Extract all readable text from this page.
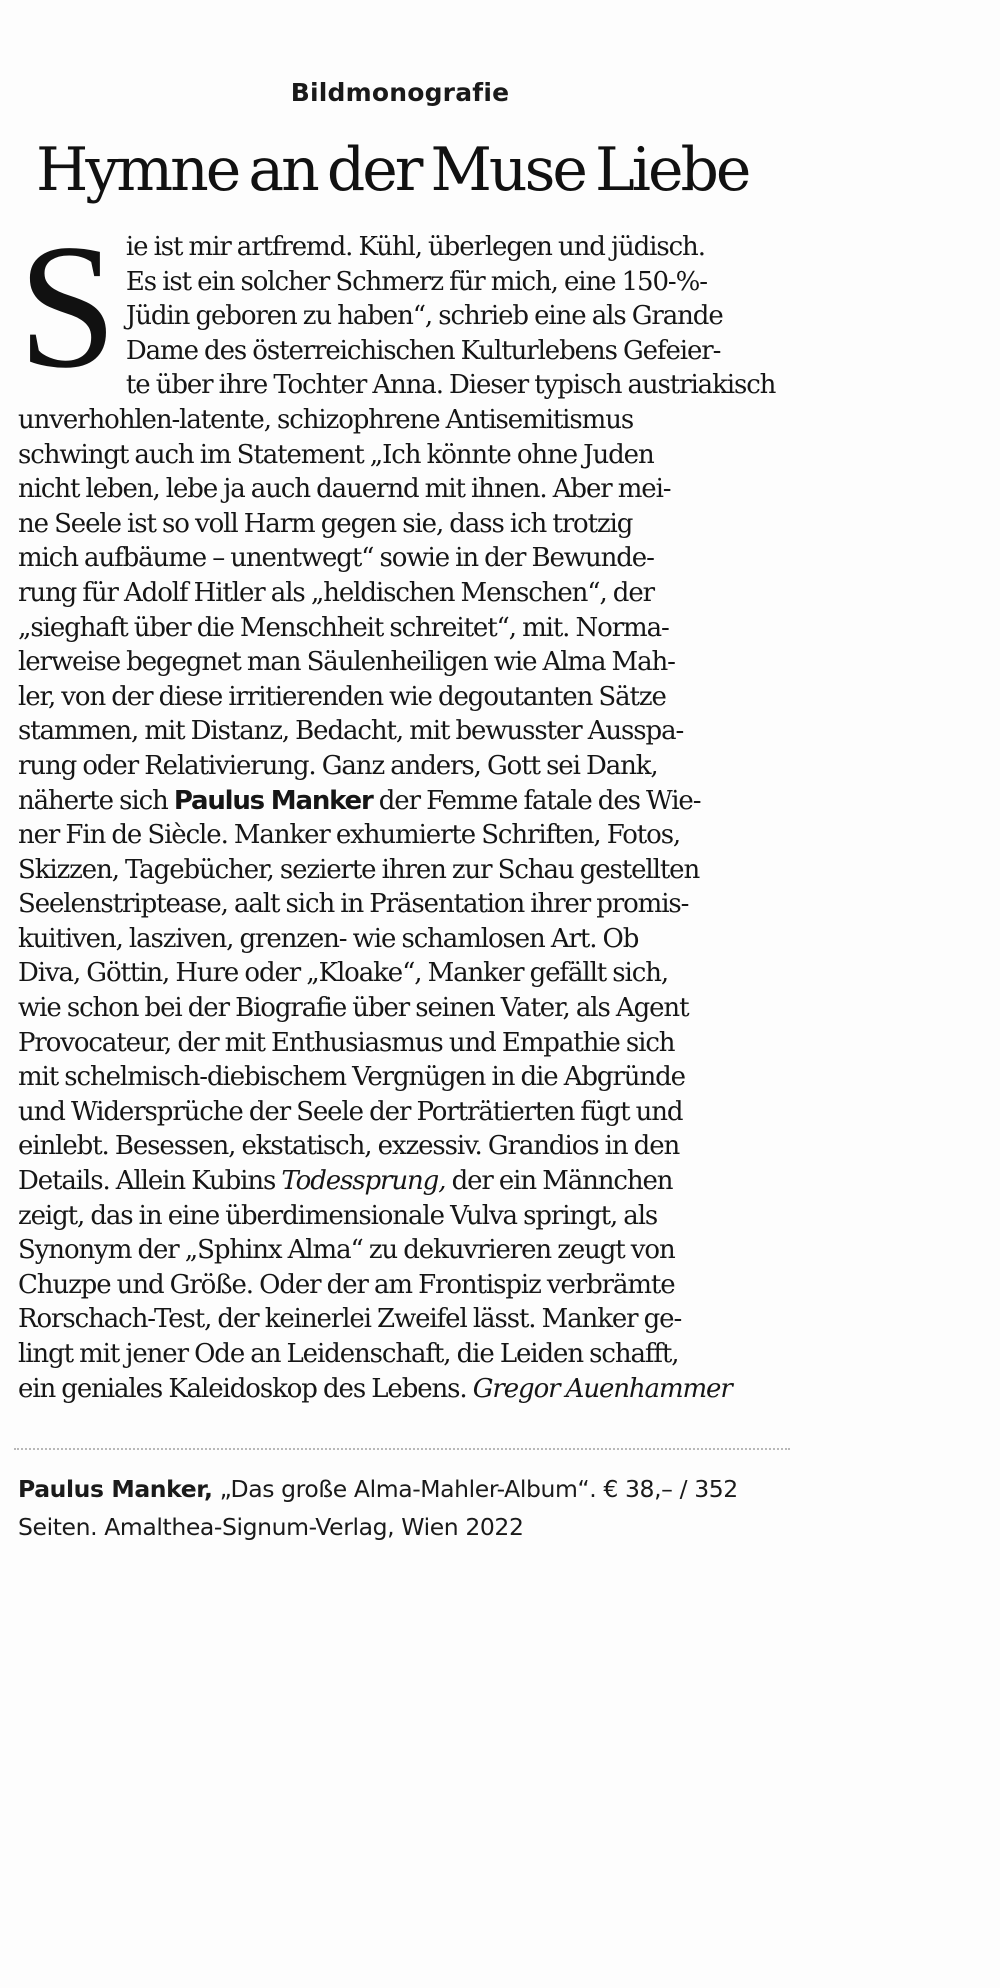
Bildmonografie
Hymne an der Muse Liebe
S ie ist mir artfremd. Kühl, überlegen und jüdisch.
Es ist ein solcher Schmerz für mich, eine 150-%-
Jüdin geboren zu haben“, schrieb eine als Grande
Dame des österreichischen Kulturlebens Gefeier-
te über ihre Tochter Anna. Dieser typisch austriakisch
unverhohlen-latente, schizophrene Antisemitismus
schwingt auch im Statement „Ich könnte ohne Juden
nicht leben, lebe ja auch dauernd mit ihnen. Aber mei-
ne Seele ist so voll Harm gegen sie, dass ich trotzig
mich aufbäume – unentwegt“ sowie in der Bewunde-
rung für Adolf Hitler als „heldischen Menschen“, der
„sieghaft über die Menschheit schreitet“, mit. Norma-
lerweise begegnet man Säulenheiligen wie Alma Mah-
ler, von der diese irritierenden wie degoutanten Sätze
stammen, mit Distanz, Bedacht, mit bewusster Ausspa-
rung oder Relativierung. Ganz anders, Gott sei Dank,
näherte sich Paulus Manker der Femme fatale des Wie-
ner Fin de Siècle. Manker exhumierte Schriften, Fotos,
Skizzen, Tagebücher, sezierte ihren zur Schau gestellten
Seelenstriptease, aalt sich in Präsentation ihrer promis-
kuitiven, lasziven, grenzen- wie schamlosen Art. Ob
Diva, Göttin, Hure oder „Kloake“, Manker gefällt sich,
wie schon bei der Biografie über seinen Vater, als Agent
Provocateur, der mit Enthusiasmus und Empathie sich
mit schelmisch-diebischem Vergnügen in die Abgründe
und Widersprüche der Seele der Porträtierten fügt und
einlebt. Besessen, ekstatisch, exzessiv. Grandios in den
Details. Allein Kubins Todessprung, der ein Männchen
zeigt, das in eine überdimensionale Vulva springt, als
Synonym der „Sphinx Alma“ zu dekuvrieren zeugt von
Chuzpe und Größe. Oder der am Frontispiz verbrämte
Rorschach-Test, der keinerlei Zweifel lässt. Manker ge-
lingt mit jener Ode an Leidenschaft, die Leiden schafft,
ein geniales Kaleidoskop des Lebens. Gregor Auenhammer
Paulus Manker, „Das große Alma-Mahler-Album“. € 38,– / 352
Seiten. Amalthea-Signum-Verlag, Wien 2022
